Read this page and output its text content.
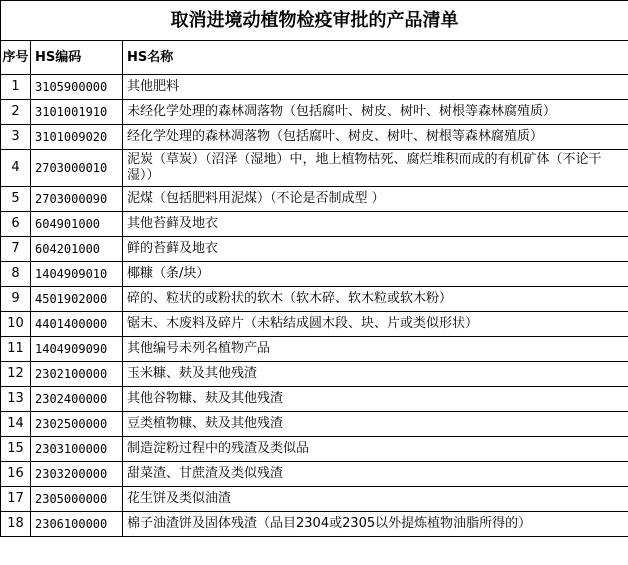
取消进境动植物检疫审批的产品清单		
序号	HS编码	HS名称
1	3105900000	其他肥料
2	3101001910	未经化学处理的森林凋落物（包括腐叶、树皮、树叶、树根等森林腐殖质）
3	3101009020	经化学处理的森林凋落物（包括腐叶、树皮、树叶、树根等森林腐殖质）
4	2703000010	泥炭（草炭）（沼泽（湿地）中，地上植物枯死、腐烂堆积而成的有机矿体（不论干湿））
5	2703000090	泥煤（包括肥料用泥煤）（不论是否制成型 ）
6	604901000	其他苔藓及地衣
7	604201000	鲜的苔藓及地衣
8	1404909010	椰糠（条/块）
9	4501902000	碎的、粒状的或粉状的软木（软木碎、软木粒或软木粉）
10	4401400000	锯末、木废料及碎片（未粘结成圆木段、块、片或类似形状）
11	1404909090	其他编号未列名植物产品
12	2302100000	玉米糠、麸及其他残渣
13	2302400000	其他谷物糠、麸及其他残渣
14	2302500000	豆类植物糠、麸及其他残渣
15	2303100000	制造淀粉过程中的残渣及类似品
16	2303200000	甜菜渣、甘蔗渣及类似残渣
17	2305000000	花生饼及类似油渣
18	2306100000	棉子油渣饼及固体残渣（品目2304或2305以外提炼植物油脂所得的）
